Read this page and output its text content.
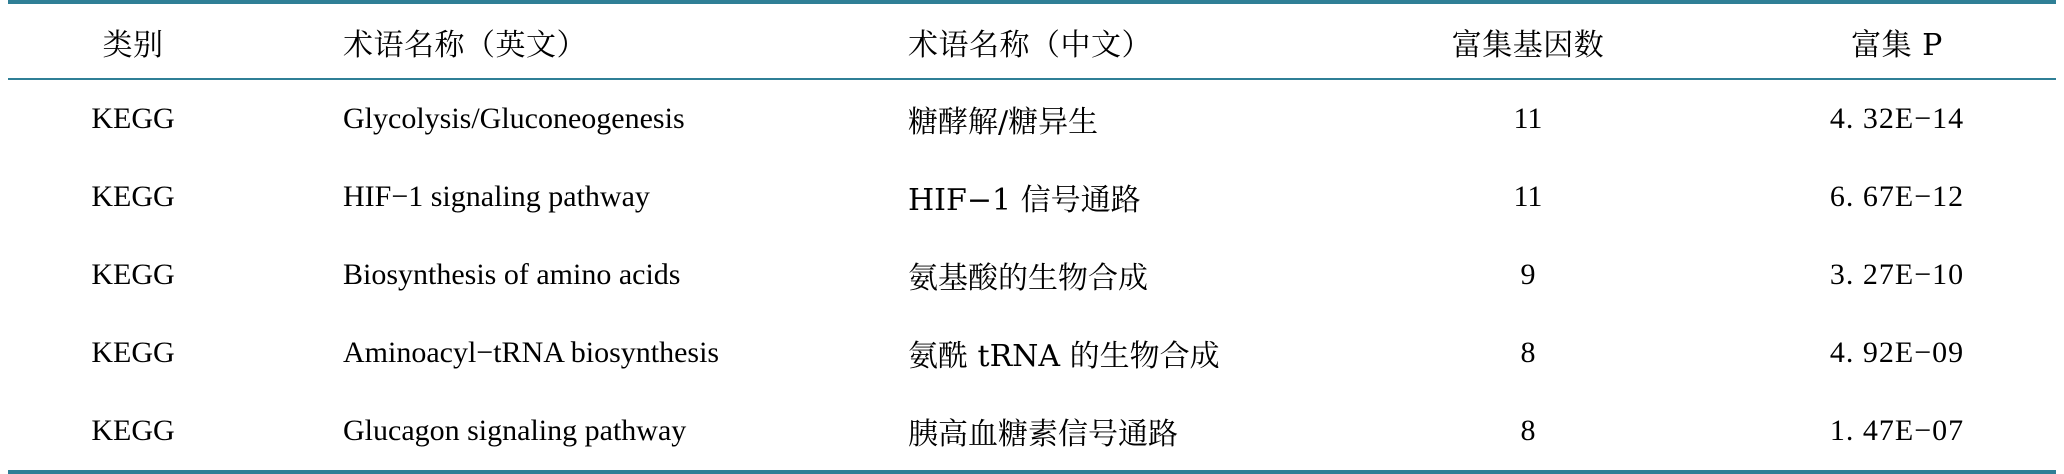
类别	术语名称（英文）	术语名称（中文）	富集基因数	富集 P
KEGG	Glycolysis/Gluconeogenesis	糖酵解/糖异生	11	4. 32E−14
KEGG	HIF−1 signaling pathway	HIF−1 信号通路	11	6. 67E−12
KEGG	Biosynthesis of amino acids	氨基酸的生物合成	9	3. 27E−10
KEGG	Aminoacyl−tRNA biosynthesis	氨酰 tRNA 的生物合成	8	4. 92E−09
KEGG	Glucagon signaling pathway	胰高血糖素信号通路	8	1. 47E−07
